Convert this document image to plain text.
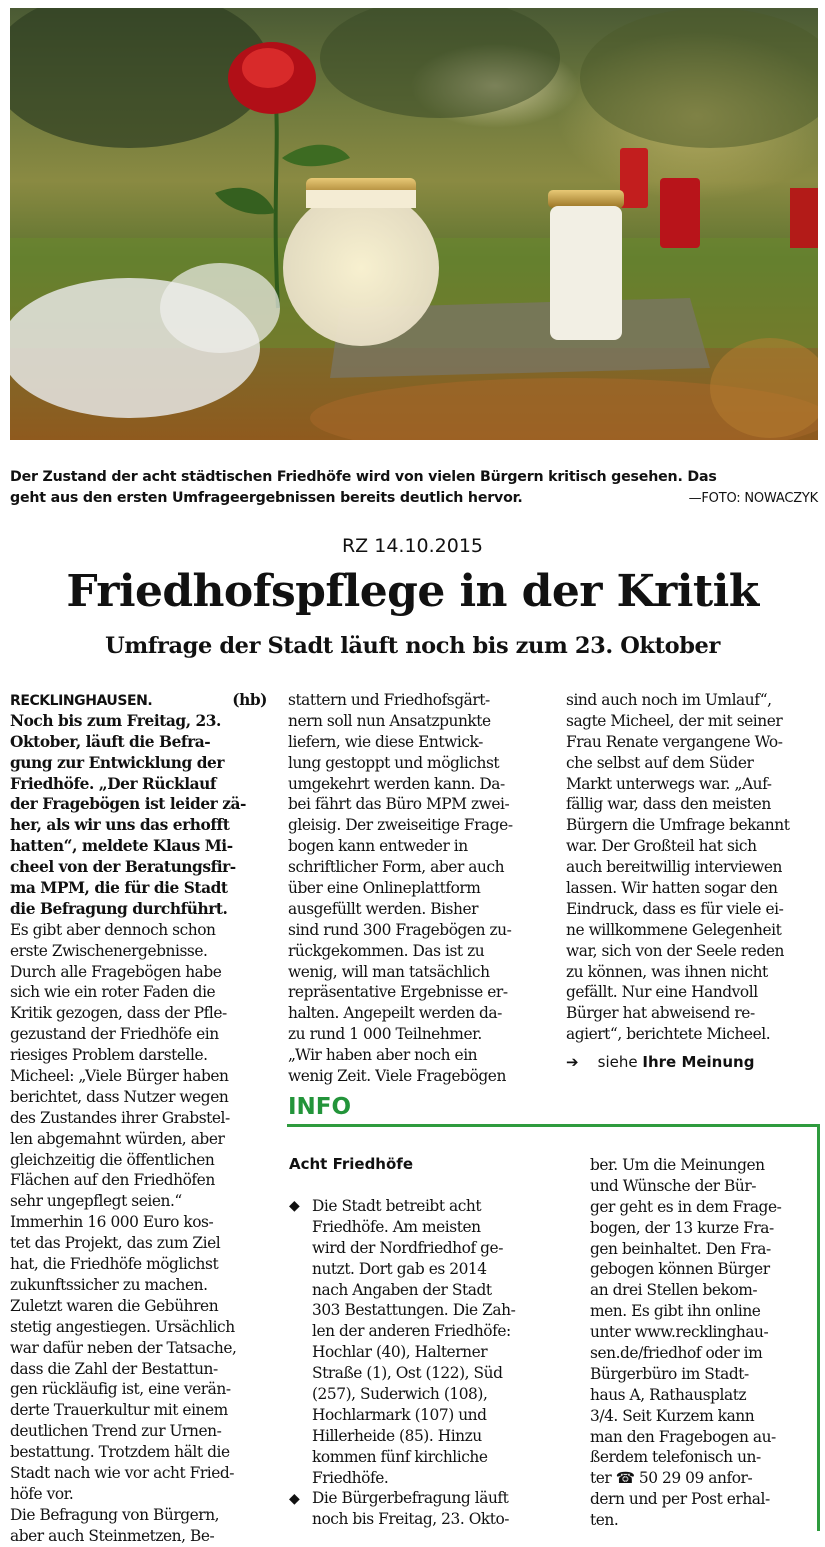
Der Zustand der acht städtischen Friedhöfe wird von vielen Bürgern kritisch gesehen. Das
geht aus den ersten Umfrageergebnissen bereits deutlich hervor.	—FOTO: NOWACZYK
RZ 14.10.2015
Friedhofspflege in der Kritik
Umfrage der Stadt läuft noch bis zum 23. Oktober
RECKLINGHAUSEN.	(hb)
Noch bis zum Freitag, 23.
Oktober, läuft die Befra-
gung zur Entwicklung der
Friedhöfe. „Der Rücklauf
der Fragebögen ist leider zä-
her, als wir uns das erhofft
hatten“, meldete Klaus Mi-
cheel von der Beratungsfir-
ma MPM, die für die Stadt
die Befragung durchführt.
Es gibt aber dennoch schon
erste Zwischenergebnisse.
Durch alle Fragebögen habe
sich wie ein roter Faden die
Kritik gezogen, dass der Pfle-
gezustand der Friedhöfe ein
riesiges Problem darstelle.
Micheel: „Viele Bürger haben
berichtet, dass Nutzer wegen
des Zustandes ihrer Grabstel-
len abgemahnt würden, aber
gleichzeitig die öffentlichen
Flächen auf den Friedhöfen
sehr ungepflegt seien.“
Immerhin 16 000 Euro kos-
tet das Projekt, das zum Ziel
hat, die Friedhöfe möglichst
zukunftssicher zu machen.
Zuletzt waren die Gebühren
stetig angestiegen. Ursächlich
war dafür neben der Tatsache,
dass die Zahl der Bestattun-
gen rückläufig ist, eine verän-
derte Trauerkultur mit einem
deutlichen Trend zur Urnen-
bestattung. Trotzdem hält die
Stadt nach wie vor acht Fried-
höfe vor.
Die Befragung von Bürgern,
aber auch Steinmetzen, Be-
stattern und Friedhofsgärt-
nern soll nun Ansatzpunkte
liefern, wie diese Entwick-
lung gestoppt und möglichst
umgekehrt werden kann. Da-
bei fährt das Büro MPM zwei-
gleisig. Der zweiseitige Frage-
bogen kann entweder in
schriftlicher Form, aber auch
über eine Onlineplattform
ausgefüllt werden. Bisher
sind rund 300 Fragebögen zu-
rückgekommen. Das ist zu
wenig, will man tatsächlich
repräsentative Ergebnisse er-
halten. Angepeilt werden da-
zu rund 1 000 Teilnehmer.
„Wir haben aber noch ein
wenig Zeit. Viele Fragebögen
sind auch noch im Umlauf“,
sagte Micheel, der mit seiner
Frau Renate vergangene Wo-
che selbst auf dem Süder
Markt unterwegs war. „Auf-
fällig war, dass den meisten
Bürgern die Umfrage bekannt
war. Der Großteil hat sich
auch bereitwillig interviewen
lassen. Wir hatten sogar den
Eindruck, dass es für viele ei-
ne willkommene Gelegenheit
war, sich von der Seele reden
zu können, was ihnen nicht
gefällt. Nur eine Handvoll
Bürger hat abweisend re-
agiert“, berichtete Micheel.
➔ siehe Ihre Meinung
INFO
Acht Friedhöfe
Die Stadt betreibt acht
Friedhöfe. Am meisten
wird der Nordfriedhof ge-
nutzt. Dort gab es 2014
nach Angaben der Stadt
303 Bestattungen. Die Zah-
len der anderen Friedhöfe:
Hochlar (40), Halterner
Straße (1), Ost (122), Süd
(257), Suderwich (108),
Hochlarmark (107) und
Hillerheide (85). Hinzu
kommen fünf kirchliche
Friedhöfe.
Die Bürgerbefragung läuft
noch bis Freitag, 23. Okto-
◆
◆
ber. Um die Meinungen
und Wünsche der Bür-
ger geht es in dem Frage-
bogen, der 13 kurze Fra-
gen beinhaltet. Den Fra-
gebogen können Bürger
an drei Stellen bekom-
men. Es gibt ihn online
unter www.recklinghau-
sen.de/friedhof oder im
Bürgerbüro im Stadt-
haus A, Rathausplatz
3/4. Seit Kurzem kann
man den Fragebogen au-
ßerdem telefonisch un-
ter ☎ 50 29 09 anfor-
dern und per Post erhal-
ten.
